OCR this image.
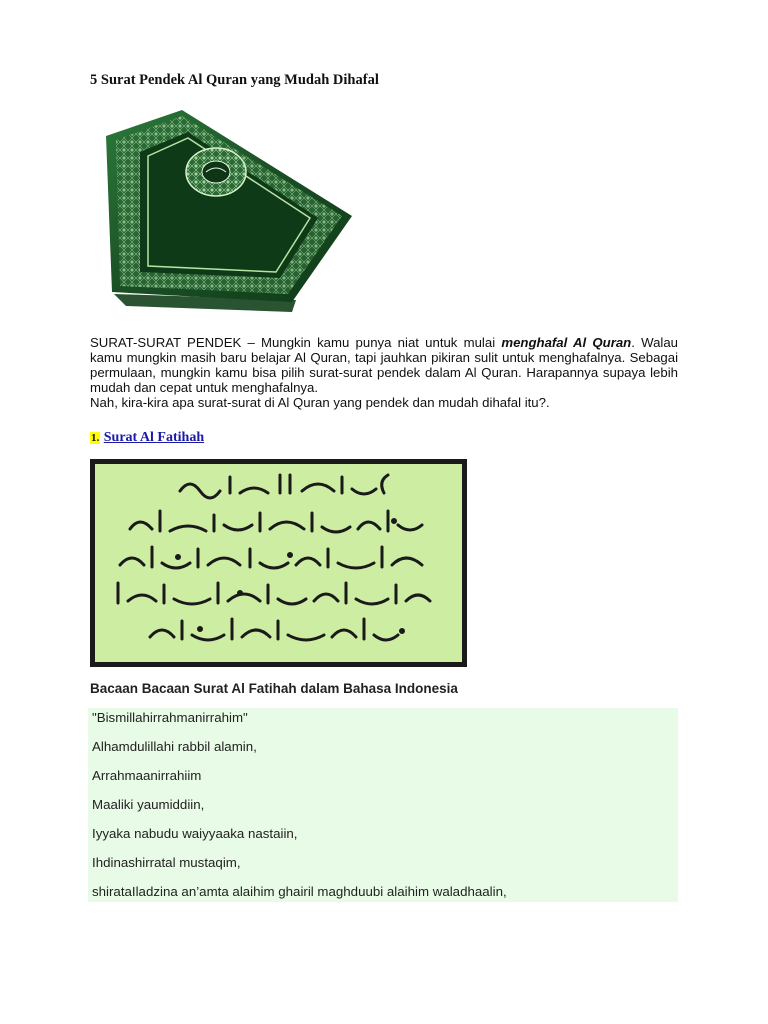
5 Surat Pendek Al Quran yang Mudah Dihafal

SURAT-SURAT PENDEK – Mungkin kamu punya niat untuk mulai menghafal Al Quran. Walau kamu mungkin masih baru belajar Al Quran, tapi jauhkan pikiran sulit untuk menghafalnya. Sebagai permulaan, mungkin kamu bisa pilih surat-surat pendek dalam Al Quran. Harapannya supaya lebih mudah dan cepat untuk menghafalnya.
Nah, kira-kira apa surat-surat di Al Quran yang pendek dan mudah dihafal itu?.

1. Surat Al Fatihah

Bacaan Bacaan Surat Al Fatihah dalam Bahasa Indonesia

"Bismillahirrahmanirrahim"
Alhamdulillahi rabbil alamin,
Arrahmaanirrahiim
Maaliki yaumiddiin,
Iyyaka nabudu waiyyaaka nastaiin,
Ihdinashirratal mustaqim,
shirataIladzina an’amta alaihim ghairil maghduubi alaihim waladhaalin,
